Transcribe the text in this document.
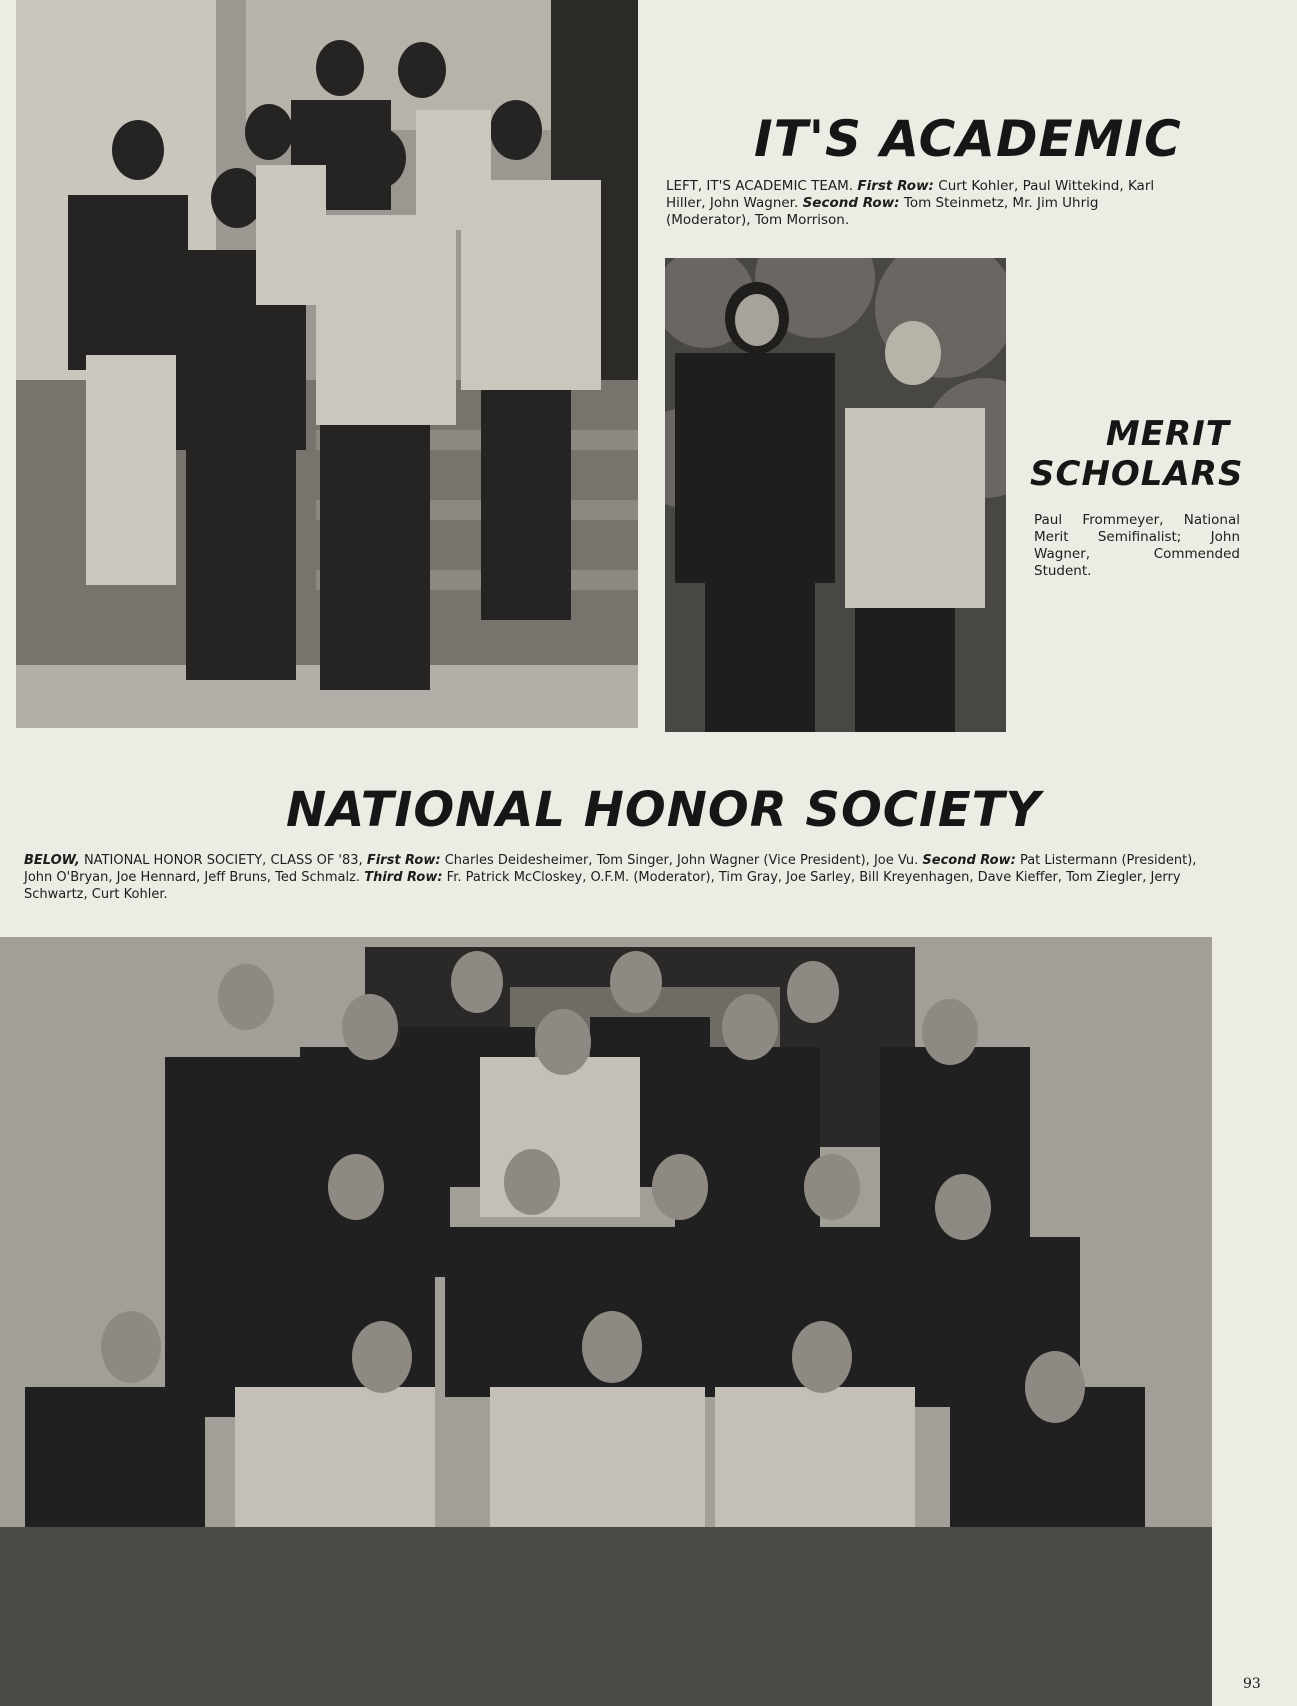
IT'S ACADEMIC

LEFT, IT'S ACADEMIC TEAM. First Row: Curt Kohler, Paul Wittekind, Karl Hiller, John Wagner. Second Row: Tom Steinmetz, Mr. Jim Uhrig (Moderator), Tom Morrison.

MERIT
SCHOLARS

Paul Frommeyer, National Merit Semifinalist; John Wagner, Commended Student.

NATIONAL HONOR SOCIETY

BELOW, NATIONAL HONOR SOCIETY, CLASS OF '83, First Row: Charles Deidesheimer, Tom Singer, John Wagner (Vice President), Joe Vu. Second Row: Pat Listermann (President), John O'Bryan, Joe Hennard, Jeff Bruns, Ted Schmalz. Third Row: Fr. Patrick McCloskey, O.F.M. (Moderator), Tim Gray, Joe Sarley, Bill Kreyenhagen, Dave Kieffer, Tom Ziegler, Jerry Schwartz, Curt Kohler.

93
